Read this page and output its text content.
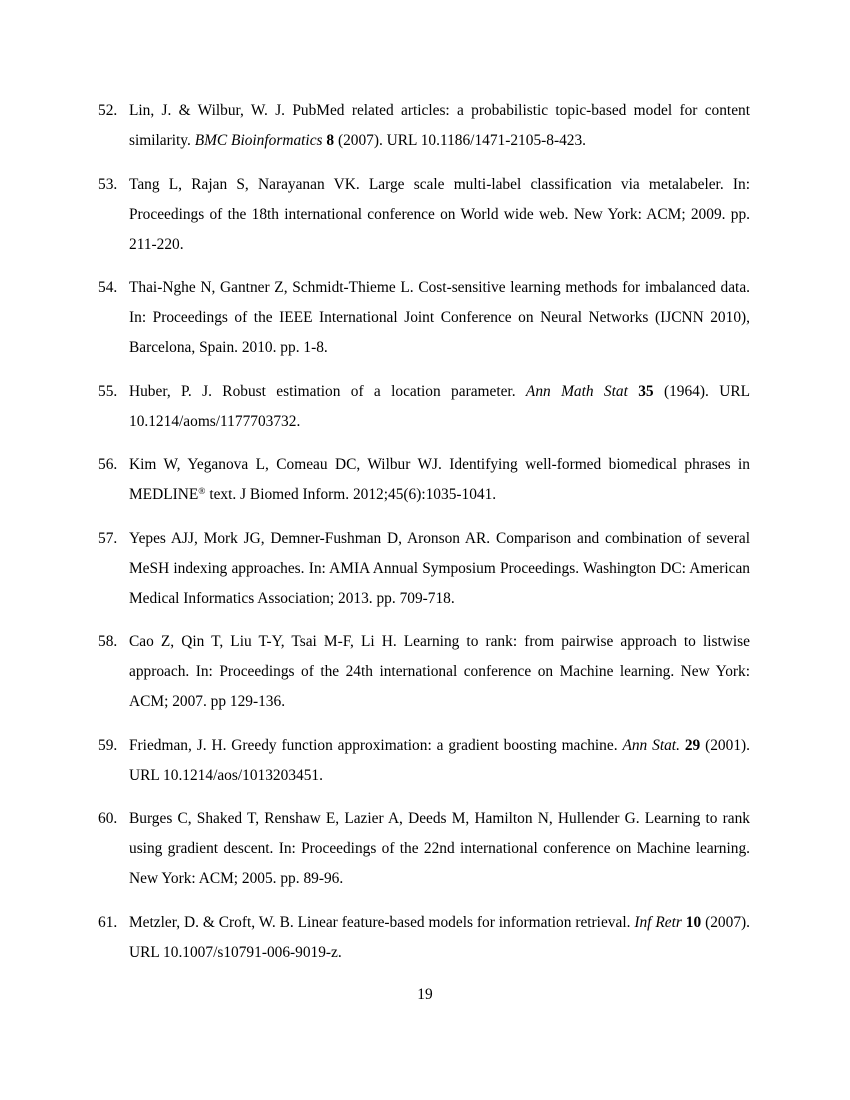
52. Lin, J. & Wilbur, W. J. PubMed related articles: a probabilistic topic-based model for content similarity. BMC Bioinformatics 8 (2007). URL 10.1186/1471-2105-8-423.
53. Tang L, Rajan S, Narayanan VK. Large scale multi-label classification via metalabeler. In: Proceedings of the 18th international conference on World wide web. New York: ACM; 2009. pp. 211-220.
54. Thai-Nghe N, Gantner Z, Schmidt-Thieme L. Cost-sensitive learning methods for imbalanced data. In: Proceedings of the IEEE International Joint Conference on Neural Networks (IJCNN 2010), Barcelona, Spain. 2010. pp. 1-8.
55. Huber, P. J. Robust estimation of a location parameter. Ann Math Stat 35 (1964). URL 10.1214/aoms/1177703732.
56. Kim W, Yeganova L, Comeau DC, Wilbur WJ. Identifying well-formed biomedical phrases in MEDLINE® text. J Biomed Inform. 2012;45(6):1035-1041.
57. Yepes AJJ, Mork JG, Demner-Fushman D, Aronson AR. Comparison and combination of several MeSH indexing approaches. In: AMIA Annual Symposium Proceedings. Washington DC: American Medical Informatics Association; 2013. pp. 709-718.
58. Cao Z, Qin T, Liu T-Y, Tsai M-F, Li H. Learning to rank: from pairwise approach to listwise approach. In: Proceedings of the 24th international conference on Machine learning. New York: ACM; 2007. pp 129-136.
59. Friedman, J. H. Greedy function approximation: a gradient boosting machine. Ann Stat. 29 (2001). URL 10.1214/aos/1013203451.
60. Burges C, Shaked T, Renshaw E, Lazier A, Deeds M, Hamilton N, Hullender G. Learning to rank using gradient descent. In: Proceedings of the 22nd international conference on Machine learning. New York: ACM; 2005. pp. 89-96.
61. Metzler, D. & Croft, W. B. Linear feature-based models for information retrieval. Inf Retr 10 (2007). URL 10.1007/s10791-006-9019-z.
19
